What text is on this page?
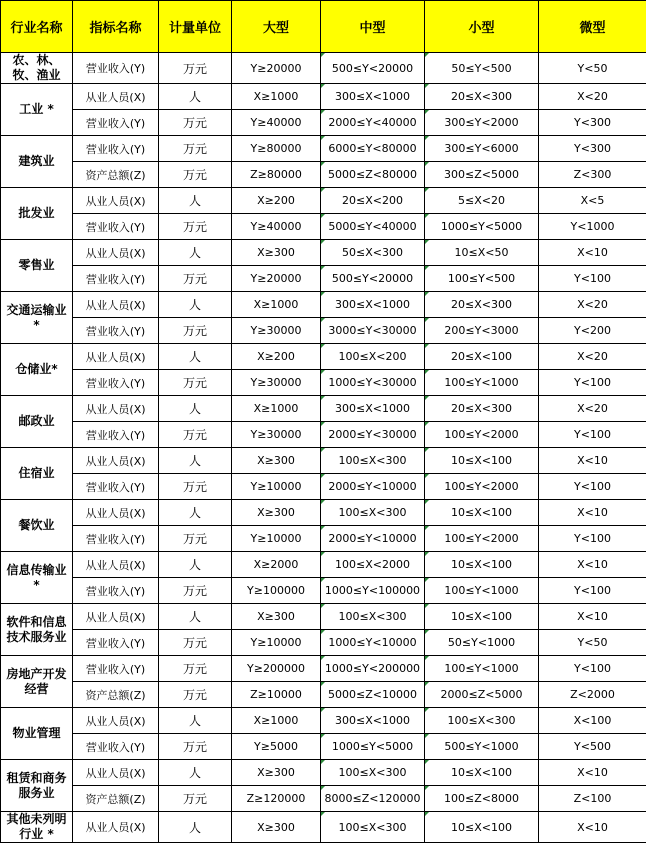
行业名称	指标名称	计量单位	大型	中型	小型	微型
农、林、牧、渔业	营业收入(Y)	万元	Y≥20000	500≤Y<20000	50≤Y<500	Y<50
工业 *	从业人员(X)	人	X≥1000	300≤X<1000	20≤X<300	X<20
	营业收入(Y)	万元	Y≥40000	2000≤Y<40000	300≤Y<2000	Y<300
建筑业	营业收入(Y)	万元	Y≥80000	6000≤Y<80000	300≤Y<6000	Y<300
	资产总额(Z)	万元	Z≥80000	5000≤Z<80000	300≤Z<5000	Z<300
批发业	从业人员(X)	人	X≥200	20≤X<200	5≤X<20	X<5
	营业收入(Y)	万元	Y≥40000	5000≤Y<40000	1000≤Y<5000	Y<1000
零售业	从业人员(X)	人	X≥300	50≤X<300	10≤X<50	X<10
	营业收入(Y)	万元	Y≥20000	500≤Y<20000	100≤Y<500	Y<100
交通运输业 *	从业人员(X)	人	X≥1000	300≤X<1000	20≤X<300	X<20
	营业收入(Y)	万元	Y≥30000	3000≤Y<30000	200≤Y<3000	Y<200
仓储业*	从业人员(X)	人	X≥200	100≤X<200	20≤X<100	X<20
	营业收入(Y)	万元	Y≥30000	1000≤Y<30000	100≤Y<1000	Y<100
邮政业	从业人员(X)	人	X≥1000	300≤X<1000	20≤X<300	X<20
	营业收入(Y)	万元	Y≥30000	2000≤Y<30000	100≤Y<2000	Y<100
住宿业	从业人员(X)	人	X≥300	100≤X<300	10≤X<100	X<10
	营业收入(Y)	万元	Y≥10000	2000≤Y<10000	100≤Y<2000	Y<100
餐饮业	从业人员(X)	人	X≥300	100≤X<300	10≤X<100	X<10
	营业收入(Y)	万元	Y≥10000	2000≤Y<10000	100≤Y<2000	Y<100
信息传输业 *	从业人员(X)	人	X≥2000	100≤X<2000	10≤X<100	X<10
	营业收入(Y)	万元	Y≥100000	1000≤Y<100000	100≤Y<1000	Y<100
软件和信息技术服务业	从业人员(X)	人	X≥300	100≤X<300	10≤X<100	X<10
	营业收入(Y)	万元	Y≥10000	1000≤Y<10000	50≤Y<1000	Y<50
房地产开发经营	营业收入(Y)	万元	Y≥200000	1000≤Y<200000	100≤Y<1000	Y<100
	资产总额(Z)	万元	Z≥10000	5000≤Z<10000	2000≤Z<5000	Z<2000
物业管理	从业人员(X)	人	X≥1000	300≤X<1000	100≤X<300	X<100
	营业收入(Y)	万元	Y≥5000	1000≤Y<5000	500≤Y<1000	Y<500
租赁和商务服务业	从业人员(X)	人	X≥300	100≤X<300	10≤X<100	X<10
	资产总额(Z)	万元	Z≥120000	8000≤Z<120000	100≤Z<8000	Z<100
其他未列明行业 *	从业人员(X)	人	X≥300	100≤X<300	10≤X<100	X<10
